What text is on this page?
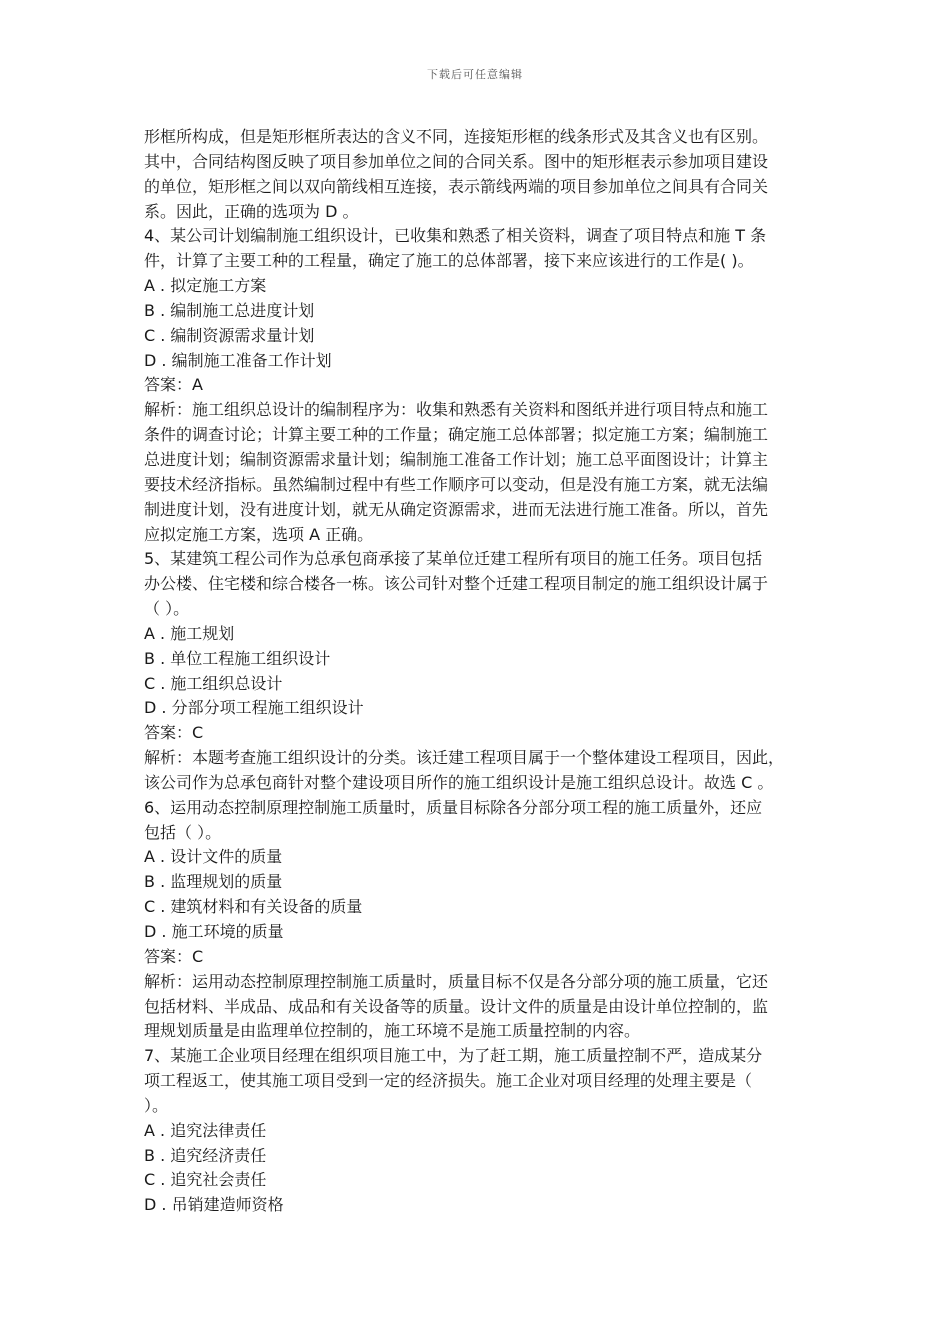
下载后可任意编辑
形框所构成，但是矩形框所表达的含义不同，连接矩形框的线条形式及其含义也有区别。
其中，合同结构图反映了项目参加单位之间的合同关系。图中的矩形框表示参加项目建设
的单位，矩形框之间以双向箭线相互连接，表示箭线两端的项目参加单位之间具有合同关
系。因此，正确的选项为 D 。
4、某公司计划编制施工组织设计，已收集和熟悉了相关资料，调查了项目特点和施 T 条
件，计算了主要工种的工程量，确定了施工的总体部署，接下来应该进行的工作是( )。
A . 拟定施工方案
B . 编制施工总进度计划
C . 编制资源需求量计划
D . 编制施工准备工作计划
答案：A
解析：施工组织总设计的编制程序为：收集和熟悉有关资料和图纸并进行项目特点和施工
条件的调查讨论；计算主要工种的工作量；确定施工总体部署；拟定施工方案；编制施工
总进度计划；编制资源需求量计划；编制施工准备工作计划；施工总平面图设计；计算主
要技术经济指标。虽然编制过程中有些工作顺序可以变动，但是没有施工方案，就无法编
制进度计划，没有进度计划，就无从确定资源需求，进而无法进行施工准备。所以，首先
应拟定施工方案，选项 A 正确。
5、某建筑工程公司作为总承包商承接了某单位迁建工程所有项目的施工任务。项目包括
办公楼、住宅楼和综合楼各一栋。该公司针对整个迁建工程项目制定的施工组织设计属于
（ ）。
A . 施工规划
B . 单位工程施工组织设计
C . 施工组织总设计
D . 分部分项工程施工组织设计
答案：C
解析：本题考查施工组织设计的分类。该迁建工程项目属于一个整体建设工程项目，因此，
该公司作为总承包商针对整个建设项目所作的施工组织设计是施工组织总设计。故选 C 。
6、运用动态控制原理控制施工质量时，质量目标除各分部分项工程的施工质量外，还应
包括（ ）。
A . 设计文件的质量
B . 监理规划的质量
C . 建筑材料和有关设备的质量
D . 施工环境的质量
答案：C
解析：运用动态控制原理控制施工质量时，质量目标不仅是各分部分项的施工质量，它还
包括材料、半成品、成品和有关设备等的质量。设计文件的质量是由设计单位控制的，监
理规划质量是由监理单位控制的，施工环境不是施工质量控制的内容。
7、某施工企业项目经理在组织项目施工中，为了赶工期，施工质量控制不严，造成某分
项工程返工，使其施工项目受到一定的经济损失。施工企业对项目经理的处理主要是（
）。
A . 追究法律责任
B . 追究经济责任
C . 追究社会责任
D . 吊销建造师资格
